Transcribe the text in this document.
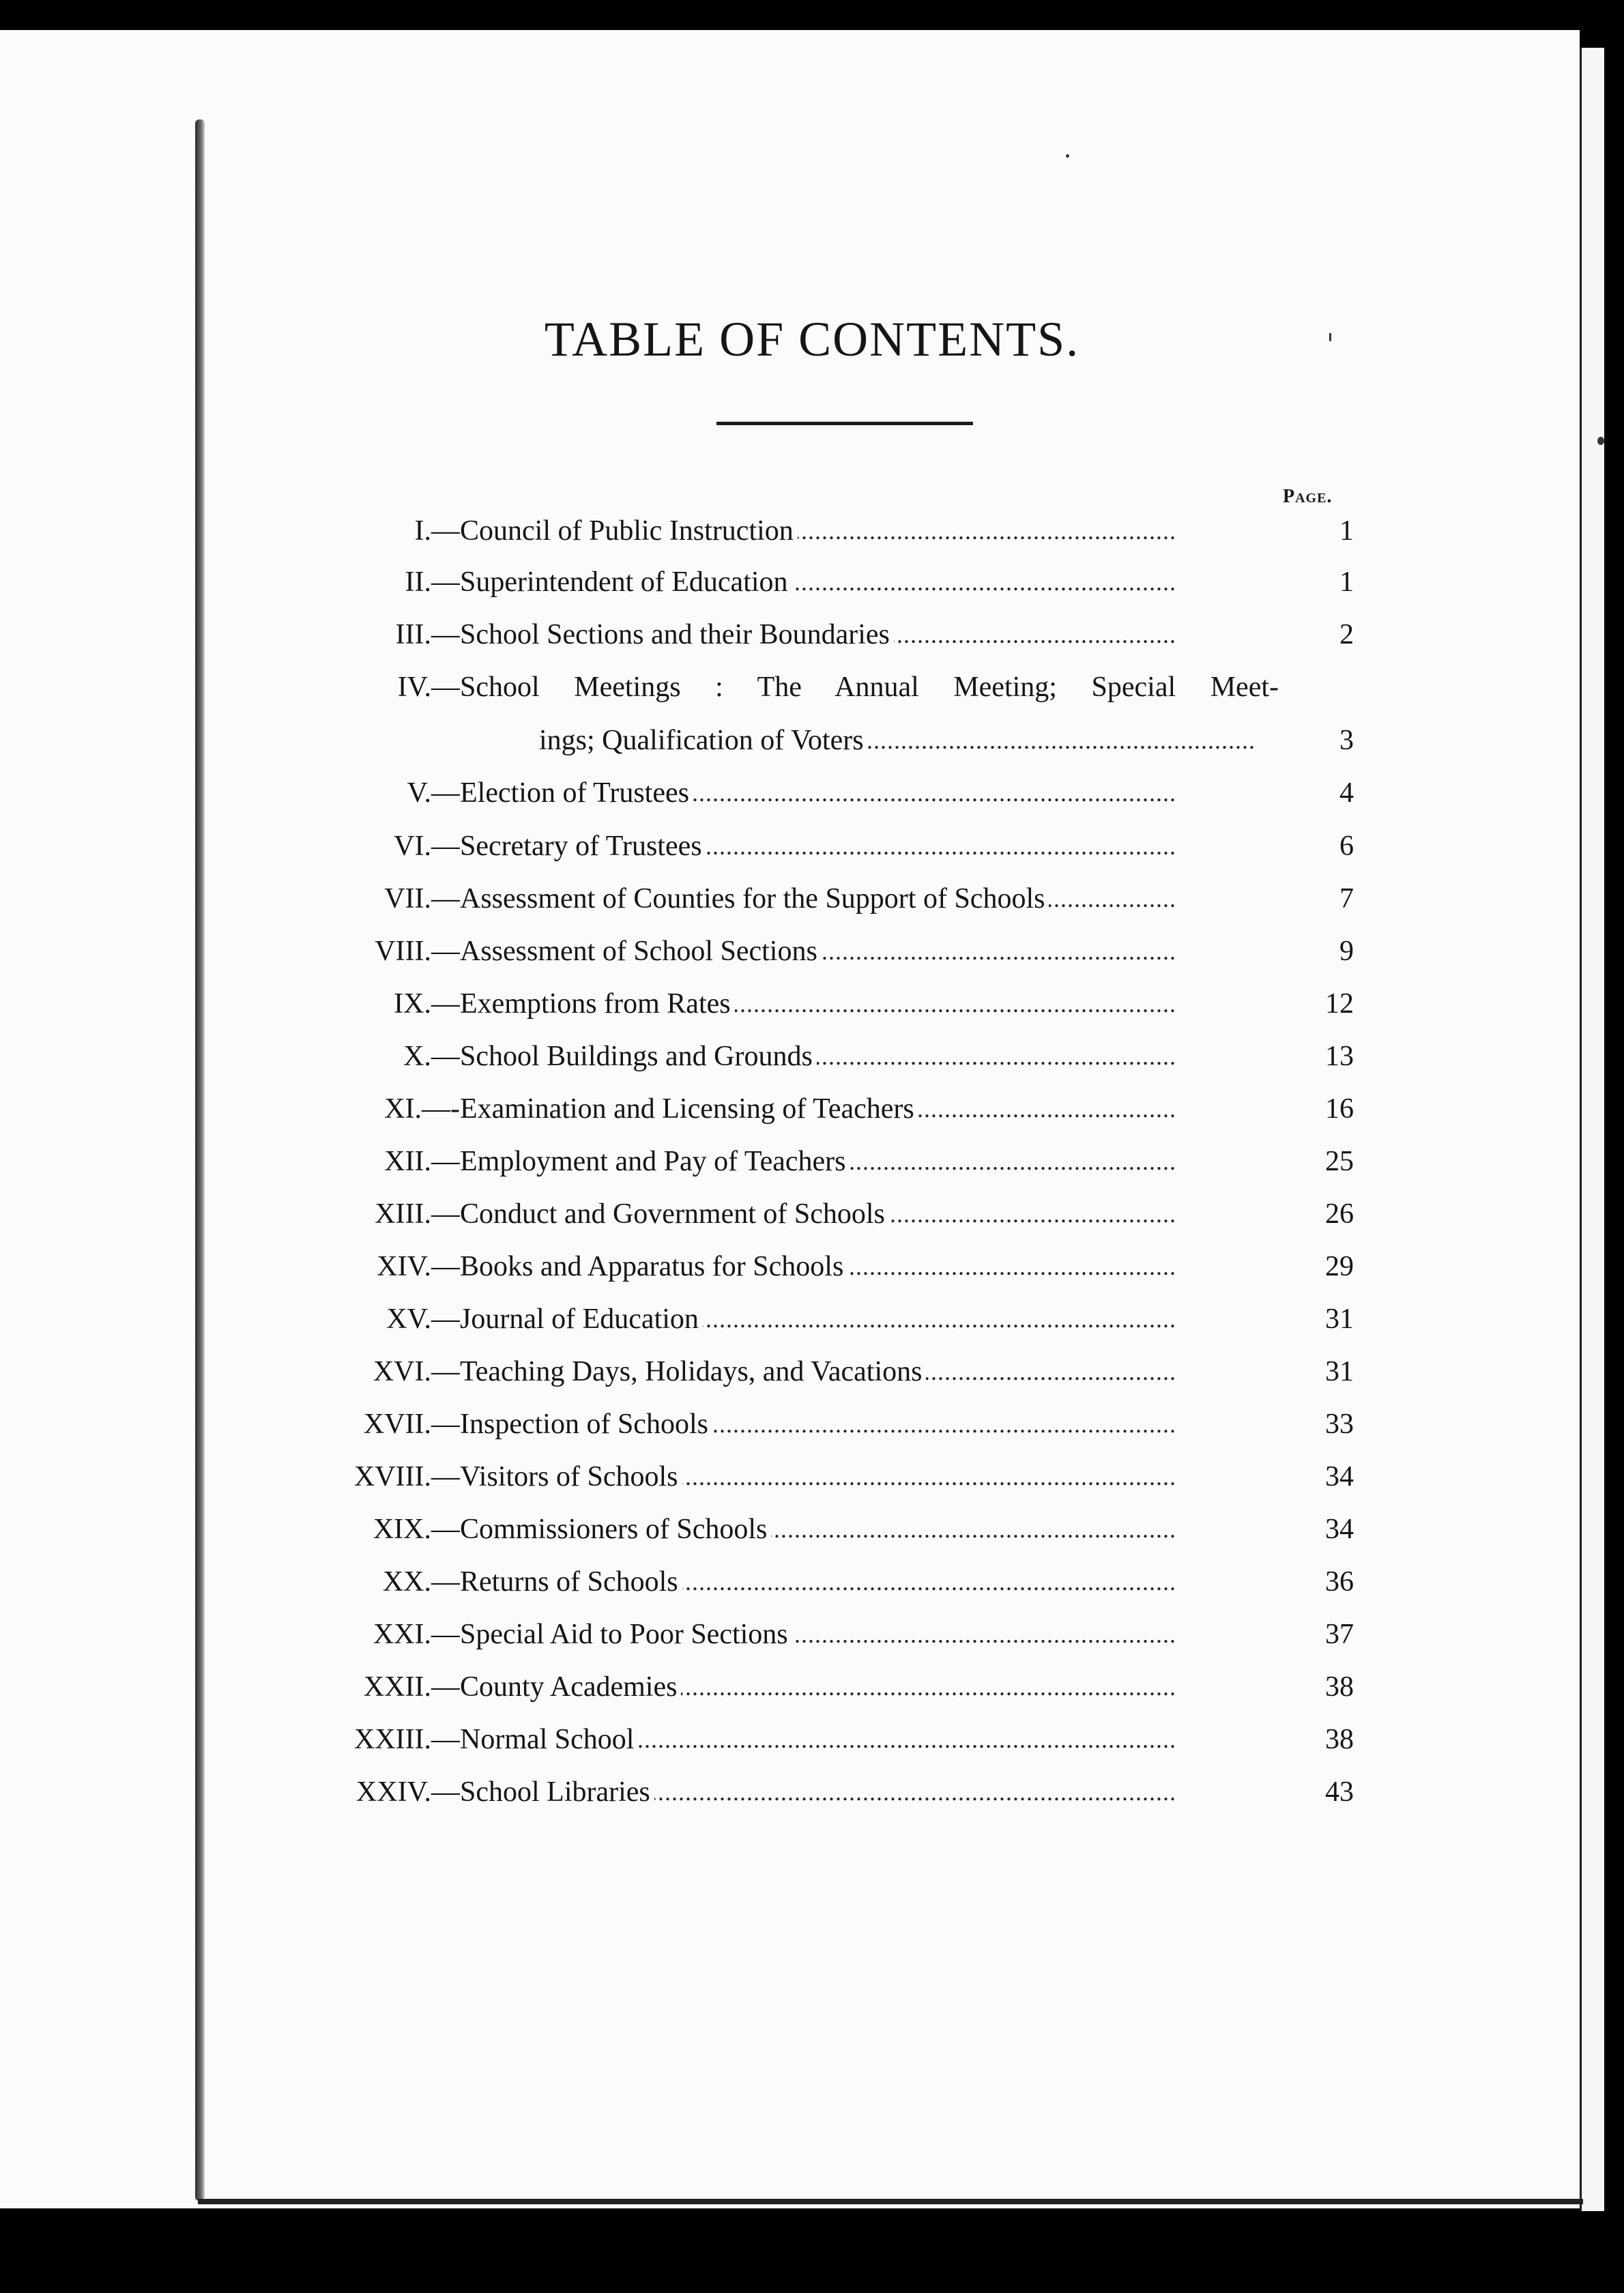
TABLE OF CONTENTS.
Page.
I.— Council of Public Instruction . . .	1
II.— Superintendent of Education . . .	1
III.— School Sections and their Boundaries . . .	2
IV.— School Meetings : The Annual Meeting; Special Meet-
ings; Qualification of Voters . . .	3
V.— Election of Trustees . . .	4
VI.— Secretary of Trustees . . .	6
VII.— Assessment of Counties for the Support of Schools . . .	7
VIII.— Assessment of School Sections . . .	9
IX.— Exemptions from Rates . . .	12
X.— School Buildings and Grounds . . .	13
XI.—- Examination and Licensing of Teachers . . .	16
XII.— Employment and Pay of Teachers . . .	25
XIII.— Conduct and Government of Schools . . .	26
XIV.— Books and Apparatus for Schools . . .	29
XV.— Journal of Education . . .	31
XVI.— Teaching Days, Holidays, and Vacations . . .	31
XVII.— Inspection of Schools . . .	33
XVIII.— Visitors of Schools . . .	34
XIX.— Commissioners of Schools . . .	34
XX.— Returns of Schools . . .	36
XXI.— Special Aid to Poor Sections . . .	37
XXII.— County Academies . . .	38
XXIII.— Normal School . . .	38
XXIV.— School Libraries . . .	43
